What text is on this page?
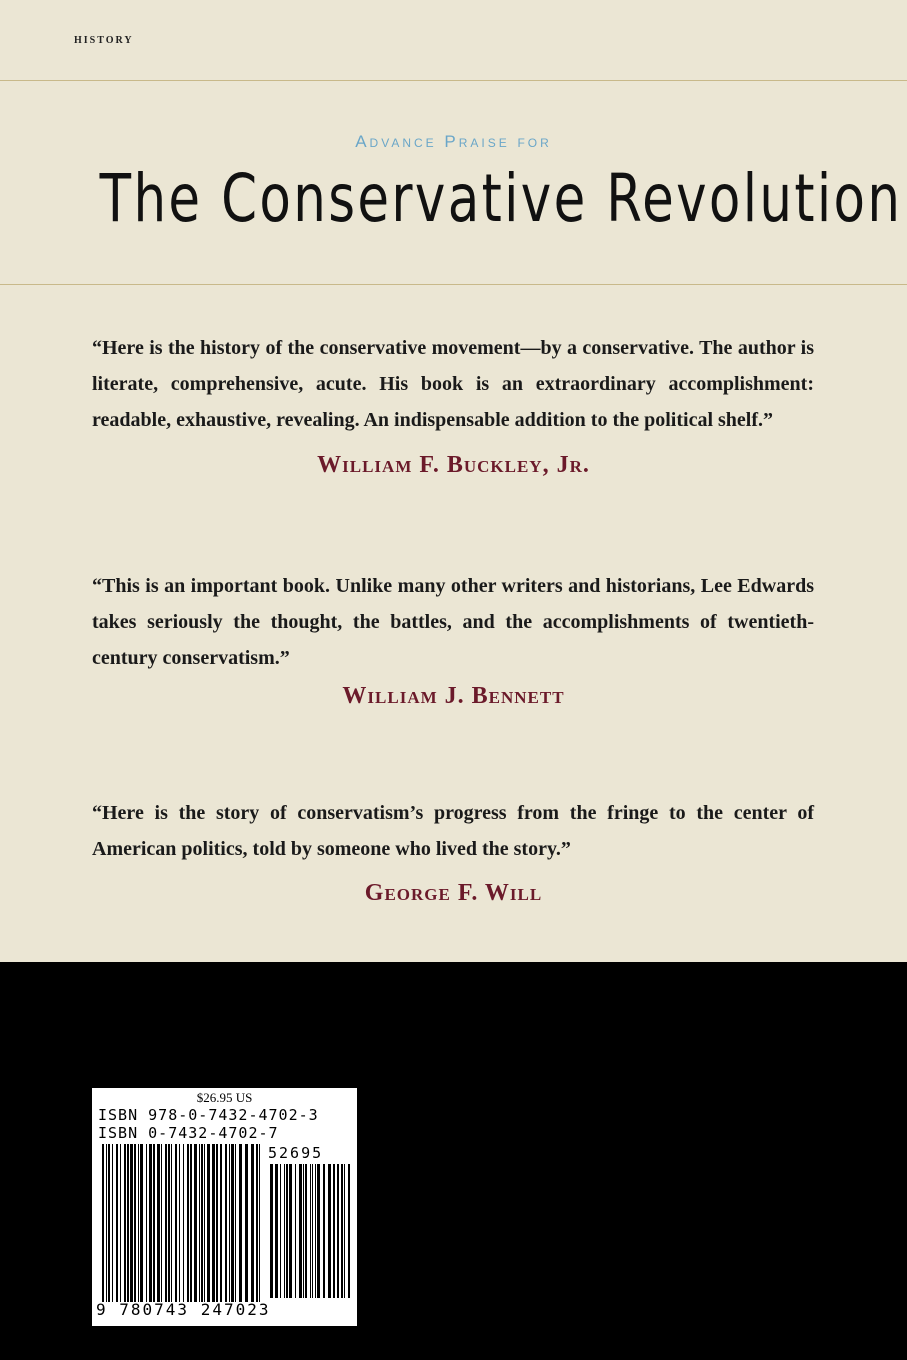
HISTORY
Advance Praise for
The Conservative Revolution
“Here is the history of the conservative movement—by a conservative. The author is literate, comprehensive, acute. His book is an extraordinary accomplishment: readable, exhaustive, revealing. An indispensable addition to the political shelf.”
William F. Buckley, Jr.
“This is an important book. Unlike many other writers and historians, Lee Edwards takes seriously the thought, the battles, and the accomplishments of twentieth-century conservatism.”
William J. Bennett
“Here is the story of conservatism’s progress from the fringe to the center of American politics, told by someone who lived the story.”
George F. Will
$26.95 US
ISBN 978-0-7432-4702-3
ISBN 0-7432-4702-7
52695
9 780743 247023
